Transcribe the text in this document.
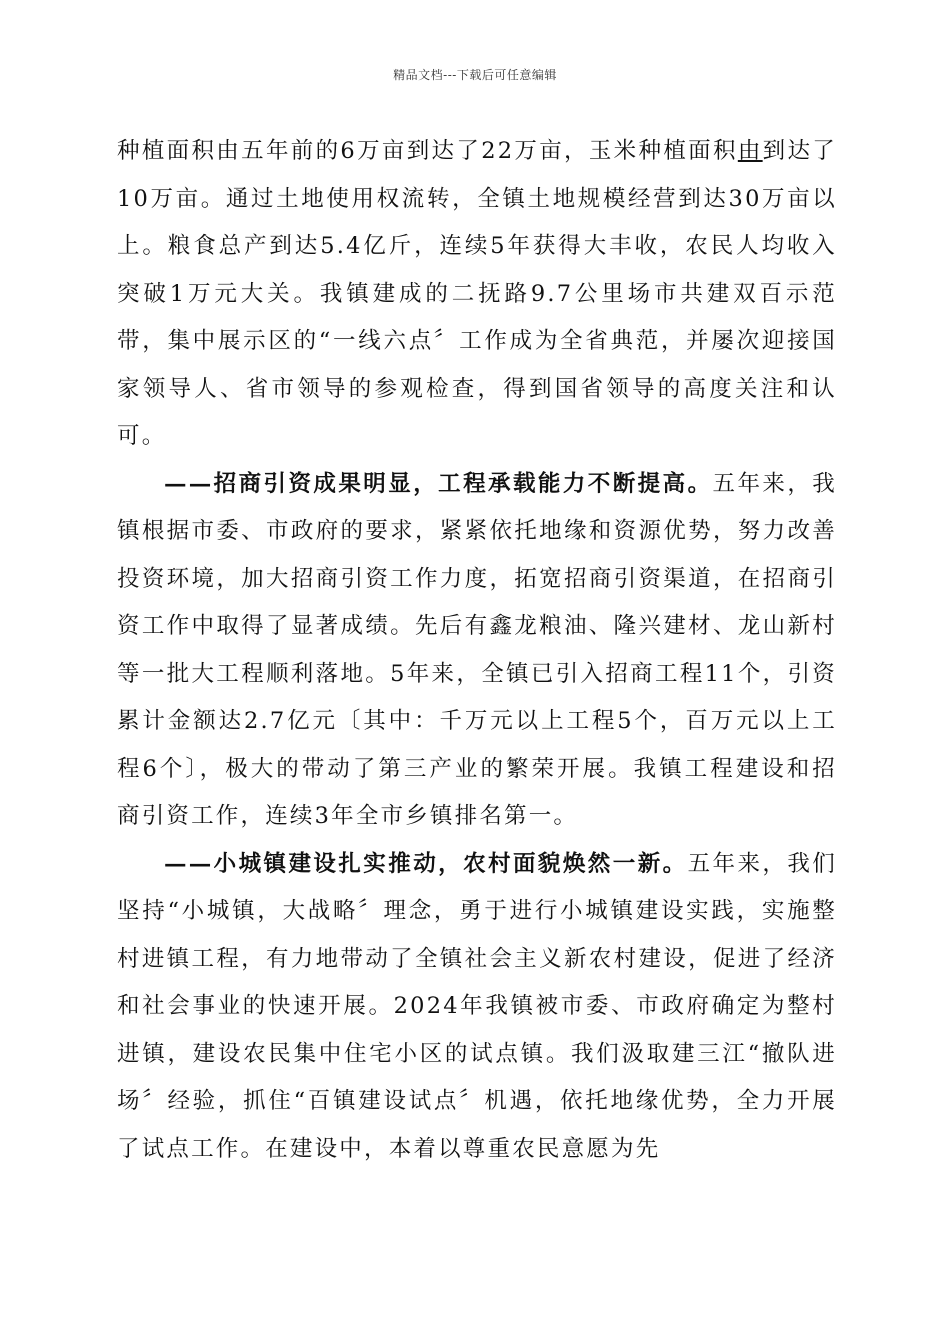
精品文档---下载后可任意编辑

种植面积由五年前的6万亩到达了22万亩，玉米种植面积由到达了10万亩。通过土地使用权流转，全镇土地规模经营到达30万亩以上。粮食总产到达5.4亿斤，连续5年获得大丰收，农民人均收入突破1万元大关。我镇建成的二抚路9.7公里场市共建双百示范带，集中展示区的“一线六点〞工作成为全省典范，并屡次迎接国家领导人、省市领导的参观检查，得到国省领导的高度关注和认可。

——招商引资成果明显，工程承载能力不断提高。五年来，我镇根据市委、市政府的要求，紧紧依托地缘和资源优势，努力改善投资环境，加大招商引资工作力度，拓宽招商引资渠道，在招商引资工作中取得了显著成绩。先后有鑫龙粮油、隆兴建材、龙山新村等一批大工程顺利落地。5年来，全镇已引入招商工程11个，引资累计金额达2.7亿元〔其中：千万元以上工程5个，百万元以上工程6个〕，极大的带动了第三产业的繁荣开展。我镇工程建设和招商引资工作，连续3年全市乡镇排名第一。

——小城镇建设扎实推动，农村面貌焕然一新。五年来，我们坚持“小城镇，大战略〞理念，勇于进行小城镇建设实践，实施整村进镇工程，有力地带动了全镇社会主义新农村建设，促进了经济和社会事业的快速开展。2024年我镇被市委、市政府确定为整村进镇，建设农民集中住宅小区的试点镇。我们汲取建三江“撤队进场〞经验，抓住“百镇建设试点〞机遇，依托地缘优势，全力开展了试点工作。在建设中，本着以尊重农民意愿为先
